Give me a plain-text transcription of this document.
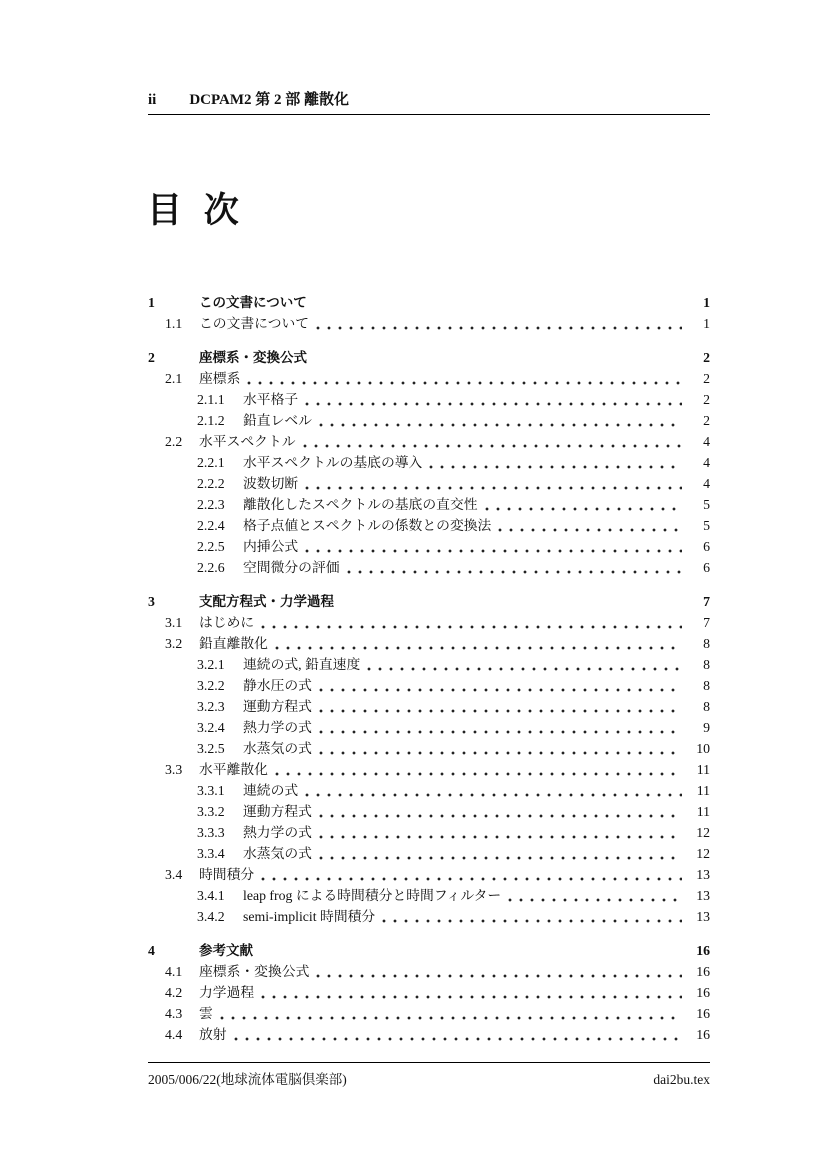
ii DCPAM2 第 2 部 離散化
目 次
1	この文書について	1
1.1	この文書について	1
2	座標系・変換公式	2
2.1	座標系	2
2.1.1	水平格子	2
2.1.2	鉛直レベル	2
2.2	水平スペクトル	4
2.2.1	水平スペクトルの基底の導入	4
2.2.2	波数切断	4
2.2.3	離散化したスペクトルの基底の直交性	5
2.2.4	格子点値とスペクトルの係数との変換法	5
2.2.5	内挿公式	6
2.2.6	空間微分の評価	6
3	支配方程式・力学過程	7
3.1	はじめに	7
3.2	鉛直離散化	8
3.2.1	連続の式, 鉛直速度	8
3.2.2	静水圧の式	8
3.2.3	運動方程式	8
3.2.4	熱力学の式	9
3.2.5	水蒸気の式	10
3.3	水平離散化	11
3.3.1	連続の式	11
3.3.2	運動方程式	11
3.3.3	熱力学の式	12
3.3.4	水蒸気の式	12
3.4	時間積分	13
3.4.1	leap frog による時間積分と時間フィルター	13
3.4.2	semi-implicit 時間積分	13
4	参考文献	16
4.1	座標系・変換公式	16
4.2	力学過程	16
4.3	雲	16
4.4	放射	16
2005/006/22(地球流体電脳倶楽部)	dai2bu.tex
